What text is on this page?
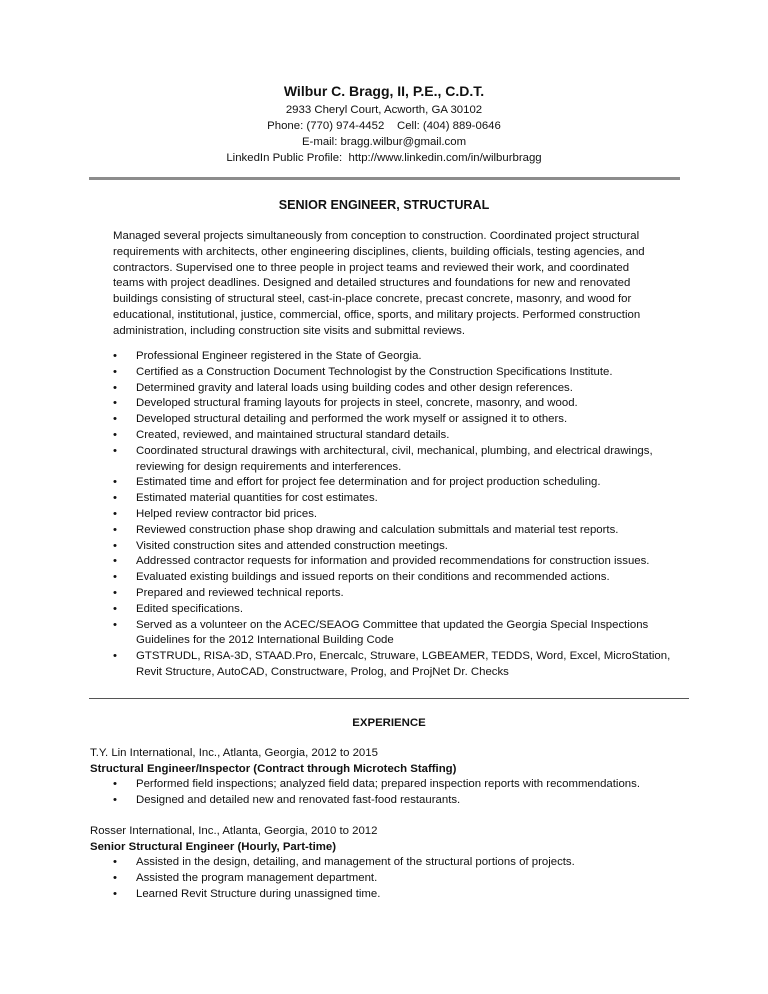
Wilbur C. Bragg, II, P.E., C.D.T.
2933 Cheryl Court, Acworth, GA 30102
Phone: (770) 974-4452    Cell: (404) 889-0646
E-mail: bragg.wilbur@gmail.com
LinkedIn Public Profile:  http://www.linkedin.com/in/wilburbragg
SENIOR ENGINEER, STRUCTURAL
Managed several projects simultaneously from conception to construction. Coordinated project structural
requirements with architects, other engineering disciplines, clients, building officials, testing agencies, and
contractors. Supervised one to three people in project teams and reviewed their work, and coordinated
teams with project deadlines. Designed and detailed structures and foundations for new and renovated
buildings consisting of structural steel, cast-in-place concrete, precast concrete, masonry, and wood for
educational, institutional, justice, commercial, office, sports, and military projects. Performed construction
administration, including construction site visits and submittal reviews.
•	Professional Engineer registered in the State of Georgia.
•	Certified as a Construction Document Technologist by the Construction Specifications Institute.
•	Determined gravity and lateral loads using building codes and other design references.
•	Developed structural framing layouts for projects in steel, concrete, masonry, and wood.
•	Developed structural detailing and performed the work myself or assigned it to others.
•	Created, reviewed, and maintained structural standard details.
•	Coordinated structural drawings with architectural, civil, mechanical, plumbing, and electrical drawings,
reviewing for design requirements and interferences.
•	Estimated time and effort for project fee determination and for project production scheduling.
•	Estimated material quantities for cost estimates.
•	Helped review contractor bid prices.
•	Reviewed construction phase shop drawing and calculation submittals and material test reports.
•	Visited construction sites and attended construction meetings.
•	Addressed contractor requests for information and provided recommendations for construction issues.
•	Evaluated existing buildings and issued reports on their conditions and recommended actions.
•	Prepared and reviewed technical reports.
•	Edited specifications.
•	Served as a volunteer on the ACEC/SEAOG Committee that updated the Georgia Special Inspections
Guidelines for the 2012 International Building Code
•	GTSTRUDL, RISA-3D, STAAD.Pro, Enercalc, Struware, LGBEAMER, TEDDS, Word, Excel, MicroStation,
Revit Structure, AutoCAD, Constructware, Prolog, and ProjNet Dr. Checks
EXPERIENCE
T.Y. Lin International, Inc., Atlanta, Georgia, 2012 to 2015
Structural Engineer/Inspector (Contract through Microtech Staffing)
•	Performed field inspections; analyzed field data; prepared inspection reports with recommendations.
•	Designed and detailed new and renovated fast-food restaurants.
Rosser International, Inc., Atlanta, Georgia, 2010 to 2012
Senior Structural Engineer (Hourly, Part-time)
•	Assisted in the design, detailing, and management of the structural portions of projects.
•	Assisted the program management department.
•	Learned Revit Structure during unassigned time.
